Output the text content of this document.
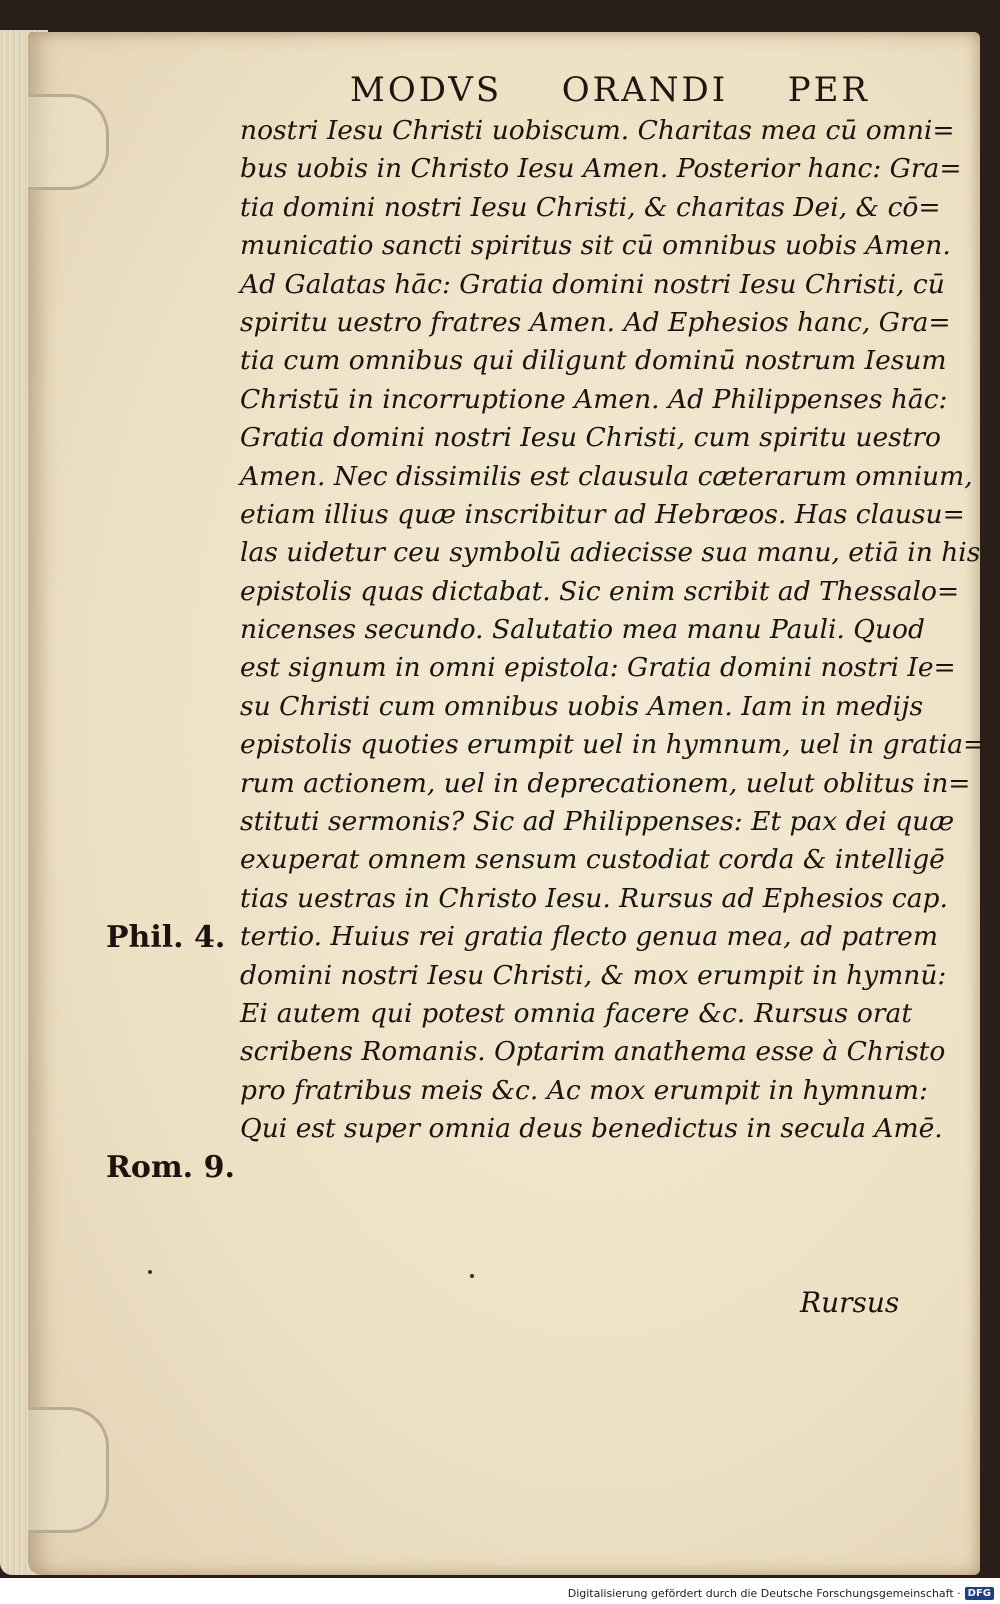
MODVS ORANDI PER
nostri Iesu Christi uobiscum. Charitas mea cū omni=
bus uobis in Christo Iesu Amen. Posterior hanc: Gra=
tia domini nostri Iesu Christi, & charitas Dei, & cō=
municatio sancti spiritus sit cū omnibus uobis Amen.
Ad Galatas hāc: Gratia domini nostri Iesu Christi, cū
spiritu uestro fratres Amen. Ad Ephesios hanc, Gra=
tia cum omnibus qui diligunt dominū nostrum Iesum
Christū in incorruptione Amen. Ad Philippenses hāc:
Gratia domini nostri Iesu Christi, cum spiritu uestro
Amen. Nec dissimilis est clausula cæterarum omnium,
etiam illius quæ inscribitur ad Hebræos. Has clausu=
las uidetur ceu symbolū adiecisse sua manu, etiā in his
epistolis quas dictabat. Sic enim scribit ad Thessalo=
nicenses secundo. Salutatio mea manu Pauli. Quod
est signum in omni epistola: Gratia domini nostri Ie=
su Christi cum omnibus uobis Amen. Iam in medijs
epistolis quoties erumpit uel in hymnum, uel in gratia=
rum actionem, uel in deprecationem, uelut oblitus in=
stituti sermonis? Sic ad Philippenses: Et pax dei quæ
exuperat omnem sensum custodiat corda & intelligē
tias uestras in Christo Iesu. Rursus ad Ephesios cap.
tertio. Huius rei gratia flecto genua mea, ad patrem
domini nostri Iesu Christi, & mox erumpit in hymnū:
Ei autem qui potest omnia facere &c. Rursus orat
scribens Romanis. Optarim anathema esse à Christo
pro fratribus meis &c. Ac mox erumpit in hymnum:
Qui est super omnia deus benedictus in secula Amē.
Phil. 4.
Rom. 9.
Rursus
Digitalisierung gefördert durch die Deutsche Forschungsgemeinschaft · DFG
